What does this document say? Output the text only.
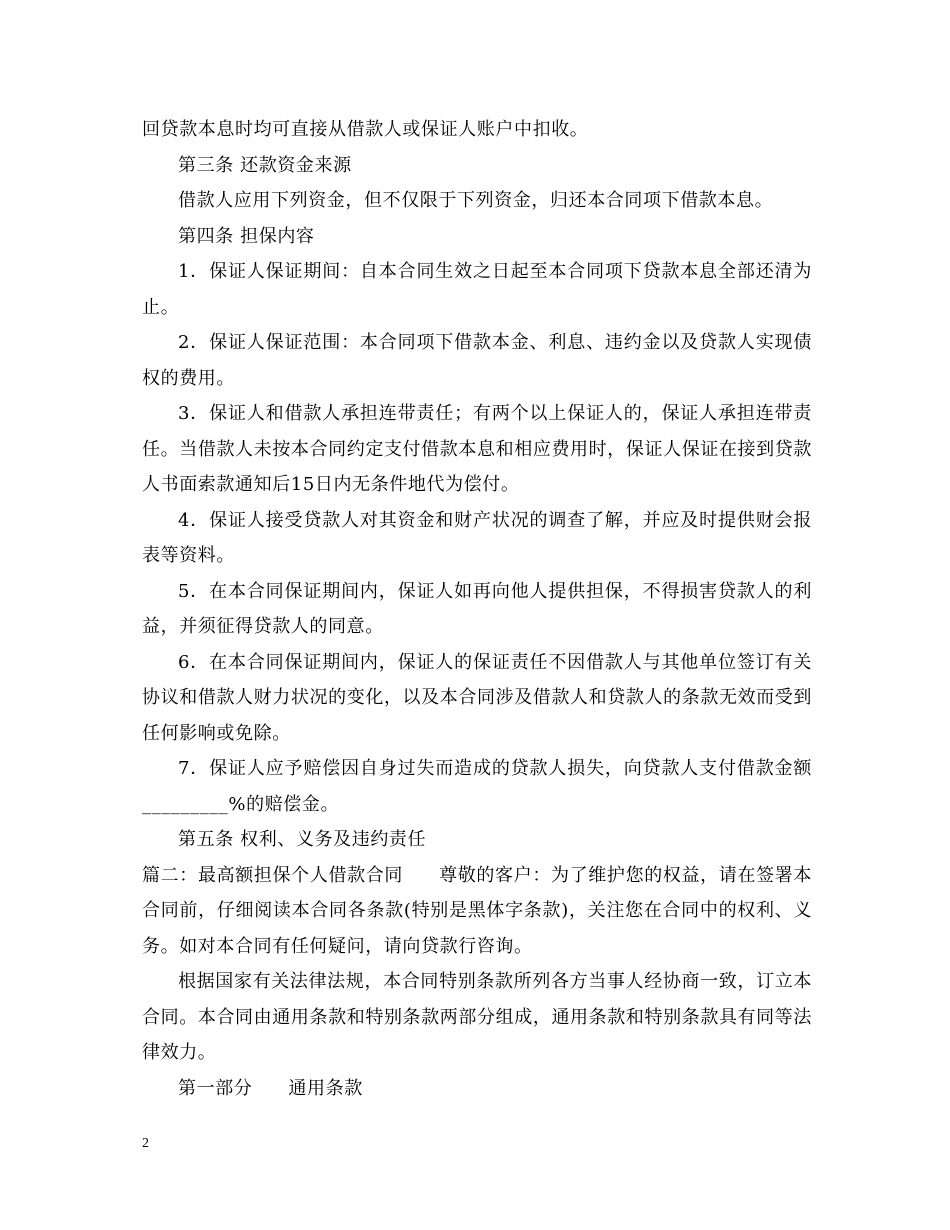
回贷款本息时均可直接从借款人或保证人账户中扣收。

第三条 还款资金来源

借款人应用下列资金，但不仅限于下列资金，归还本合同项下借款本息。

第四条 担保内容

1．保证人保证期间：自本合同生效之日起至本合同项下贷款本息全部还清为止。

2．保证人保证范围：本合同项下借款本金、利息、违约金以及贷款人实现债权的费用。

3．保证人和借款人承担连带责任；有两个以上保证人的，保证人承担连带责任。当借款人未按本合同约定支付借款本息和相应费用时，保证人保证在接到贷款人书面索款通知后15日内无条件地代为偿付。

4．保证人接受贷款人对其资金和财产状况的调查了解，并应及时提供财会报表等资料。

5．在本合同保证期间内，保证人如再向他人提供担保，不得损害贷款人的利益，并须征得贷款人的同意。

6．在本合同保证期间内，保证人的保证责任不因借款人与其他单位签订有关协议和借款人财力状况的变化，以及本合同涉及借款人和贷款人的条款无效而受到任何影响或免除。

7．保证人应予赔偿因自身过失而造成的贷款人损失，向贷款人支付借款金额_________%的赔偿金。

第五条 权利、义务及违约责任

篇二：最高额担保个人借款合同 尊敬的客户：为了维护您的权益，请在签署本合同前，仔细阅读本合同各条款(特别是黑体字条款)，关注您在合同中的权利、义务。如对本合同有任何疑问，请向贷款行咨询。

根据国家有关法律法规，本合同特别条款所列各方当事人经协商一致，订立本合同。本合同由通用条款和特别条款两部分组成，通用条款和特别条款具有同等法律效力。

第一部分 通用条款

2
